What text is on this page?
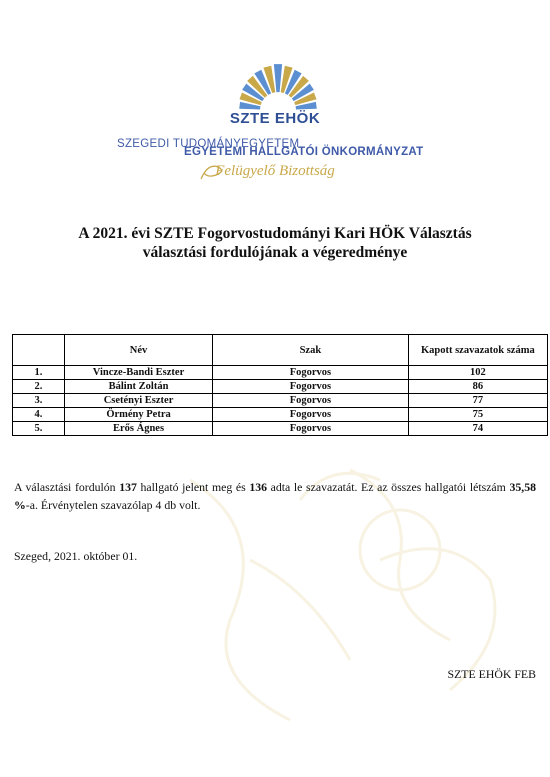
SZTE EHÖK
SZEGEDI TUDOMÁNYEGYETEM
EGYETEMI HALLGATÓI ÖNKORMÁNYZAT
Felügyelő Bizottság
A 2021. évi SZTE Fogorvostudományi Kari HÖK Választás
választási fordulójának a végeredménye
	Név	Szak	Kapott szavazatok száma
1.	Vincze-Bandi Eszter	Fogorvos	102
2.	Bálint Zoltán	Fogorvos	86
3.	Csetényi Eszter	Fogorvos	77
4.	Örmény Petra	Fogorvos	75
5.	Erős Ágnes	Fogorvos	74

A választási fordulón 137 hallgató jelent meg és 136 adta le szavazatát. Ez az összes hallgatói létszám 35,58 %-a. Érvénytelen szavazólap 4 db volt.

Szeged, 2021. október 01.
SZTE EHÖK FEB
